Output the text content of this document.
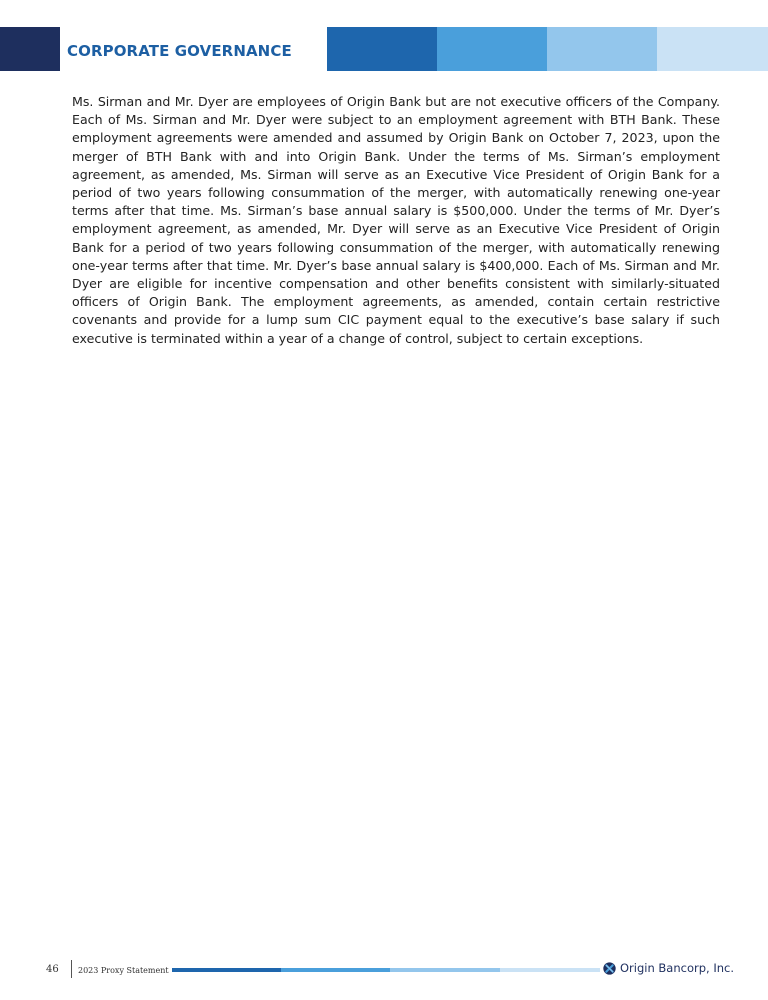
CORPORATE GOVERNANCE

Ms. Sirman and Mr. Dyer are employees of Origin Bank but are not executive officers of the Company. Each of Ms. Sirman and Mr. Dyer were subject to an employment agreement with BTH Bank. These employment agreements were amended and assumed by Origin Bank on October 7, 2023, upon the merger of BTH Bank with and into Origin Bank. Under the terms of Ms. Sirman’s employment agreement, as amended, Ms. Sirman will serve as an Executive Vice President of Origin Bank for a period of two years following consummation of the merger, with automatically renewing one-year terms after that time. Ms. Sirman’s base annual salary is $500,000. Under the terms of Mr. Dyer’s employment agreement, as amended, Mr. Dyer will serve as an Executive Vice President of Origin Bank for a period of two years following consummation of the merger, with automatically renewing one-year terms after that time. Mr. Dyer’s base annual salary is $400,000. Each of Ms. Sirman and Mr. Dyer are eligible for incentive compensation and other benefits consistent with similarly-situated officers of Origin Bank. The employment agreements, as amended, contain certain restrictive covenants and provide for a lump sum CIC payment equal to the executive’s base salary if such executive is terminated within a year of a change of control, subject to certain exceptions.

46 2023 Proxy Statement	Origin Bancorp, Inc.
